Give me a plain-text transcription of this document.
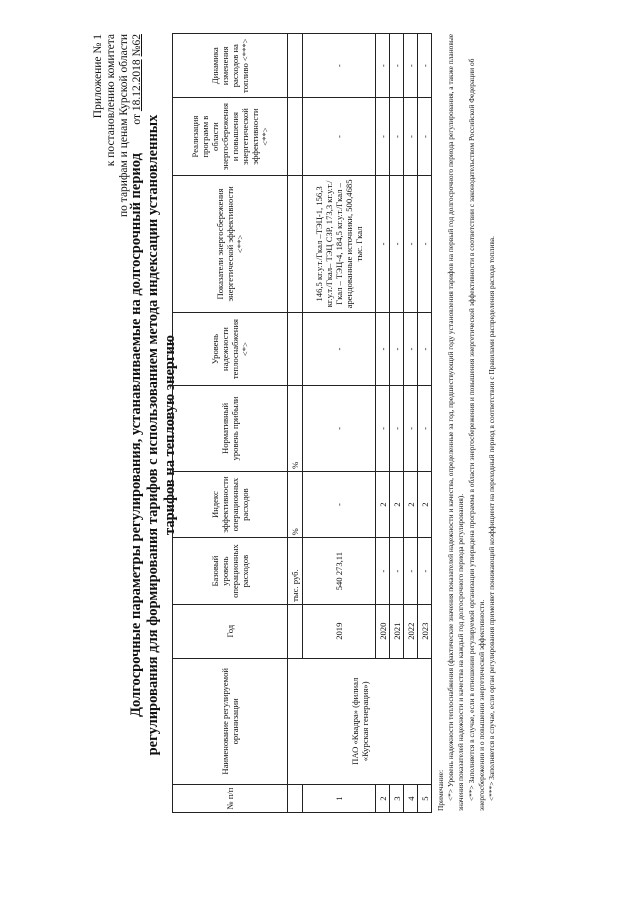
Приложение № 1 к постановлению комитета по тарифам и ценам Курской области от 18.12.2018 №62
Долгосрочные параметры регулирования, устанавливаемые на долгосрочный период регулирования для формирования тарифов с использованием метода индексации установленных тарифов на тепловую энергию
№ п/п	Наименование регулируемой организации	Год	Базовый уровень операционных расходов	Индекс эффективности операционных расходов	Нормативный уровень прибыли	Уровень надежности теплоснабжения <*>	Показатели энергосбережения энергетической эффективности <**>	Реализация программ в области энергосбережения и повышения энергетической эффективности <**>	Динамика изменения расходов на топливо <***>
	ПАО «Квадра» (филиал «Курская генерация»)		тыс. руб.	%	%				
1		2019	540 273,11	-	-	-	146,5 кг.у.т./Гкал –ТЭЦ-1, 156,3 кг.у.т./Гкал– ТЭЦ СЗР, 173,3 кг.у.т./Гкал – ТЭЦ-4, 184,5 кг.у.т./Гкал – арендованные источники, 500,4685 тыс. Гкал	-	-
2		2020	-	2	-	-	-	-	-
3		2021	-	2	-	-	-	-	-
4		2022	-	2	-	-	-	-	-
5		2023	-	2	-	-	-	-	-

Примечание: <*> Уровень надежности теплоснабжения (фактические значения показателей надежности и качества, определенные за год, предшествующий году установления тарифов на первый год долгосрочного периода регулирования, а также плановые значения показателей надежности и качества на каждый год долгосрочного периода регулирования). <**> Заполняется в случае, если в отношении регулируемой организации утверждена программа в области энергосбережения и повышения энергетической эффективности в соответствии с законодательством Российской Федерации об энергосбережении и о повышении энергетической эффективности. <***> Заполняется в случае, если орган регулирования применяет понижающий коэффициент на переходный период в соответствии с Правилами распределения расхода топлива.
